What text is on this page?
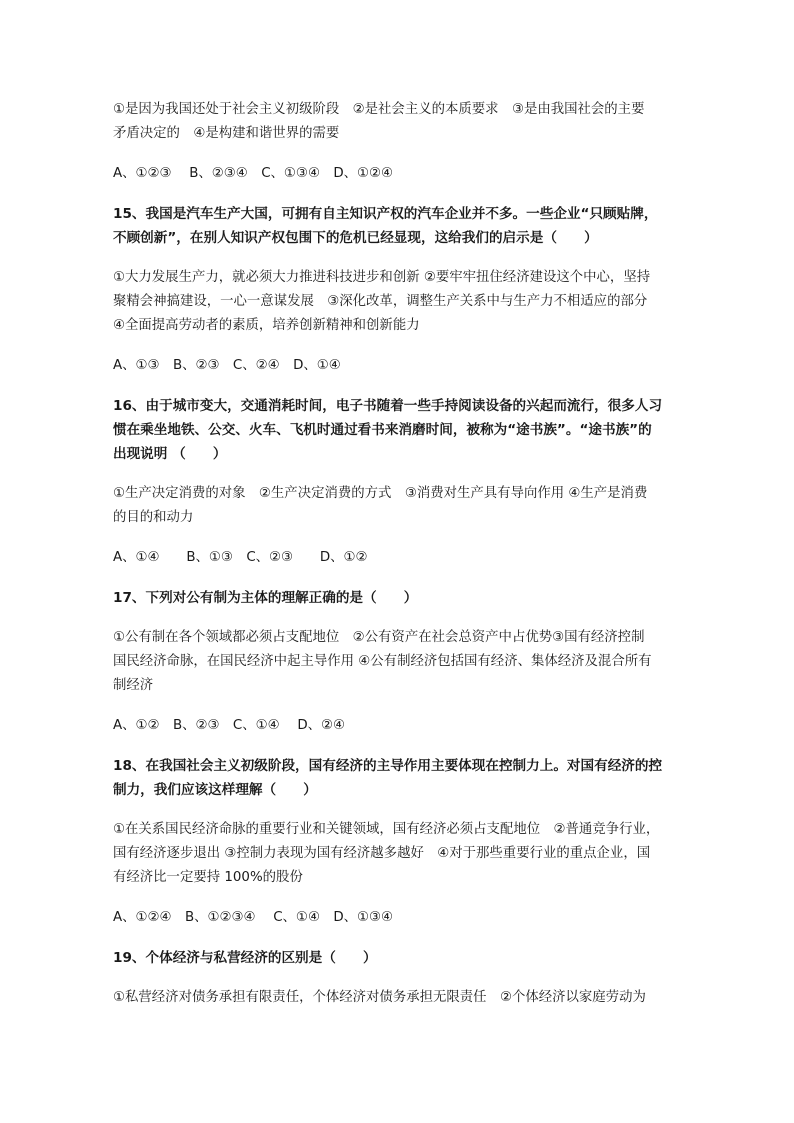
①是因为我国还处于社会主义初级阶段　②是社会主义的本质要求　③是由我国社会的主要

矛盾决定的　④是构建和谐世界的需要

A、①②③　 B、②③④　C、①③④　D、①②④

15、我国是汽车生产大国，可拥有自主知识产权的汽车企业并不多。一些企业“只顾贴牌，

不顾创新”，在别人知识产权包围下的危机已经显现，这给我们的启示是（　　）

①大力发展生产力，就必须大力推进科技进步和创新 ②要牢牢扭住经济建设这个中心，坚持

聚精会神搞建设，一心一意谋发展　③深化改革，调整生产关系中与生产力不相适应的部分

④全面提高劳动者的素质，培养创新精神和创新能力

A、①③　B、②③　C、②④　D、①④

16、由于城市变大，交通消耗时间，电子书随着一些手持阅读设备的兴起而流行，很多人习

惯在乘坐地铁、公交、火车、飞机时通过看书来消磨时间，被称为“途书族”。“途书族”的

出现说明 （　　）

①生产决定消费的对象　②生产决定消费的方式　③消费对生产具有导向作用 ④生产是消费

的目的和动力

A、①④　　B、①③　C、②③　　D、①②

17、下列对公有制为主体的理解正确的是（　　）

①公有制在各个领域都必须占支配地位　②公有资产在社会总资产中占优势③国有经济控制

国民经济命脉，在国民经济中起主导作用 ④公有制经济包括国有经济、集体经济及混合所有

制经济

A、①②　B、②③　C、①④　 D、②④

18、在我国社会主义初级阶段，国有经济的主导作用主要体现在控制力上。对国有经济的控

制力，我们应该这样理解（　　）

①在关系国民经济命脉的重要行业和关键领域，国有经济必须占支配地位　②普通竞争行业，

国有经济逐步退出 ③控制力表现为国有经济越多越好　④对于那些重要行业的重点企业，国

有经济比一定要持 100%的股份

A、①②④　B、①②③④　 C、①④　D、①③④

19、个体经济与私营经济的区别是（　　）

①私营经济对债务承担有限责任，个体经济对债务承担无限责任　②个体经济以家庭劳动为
